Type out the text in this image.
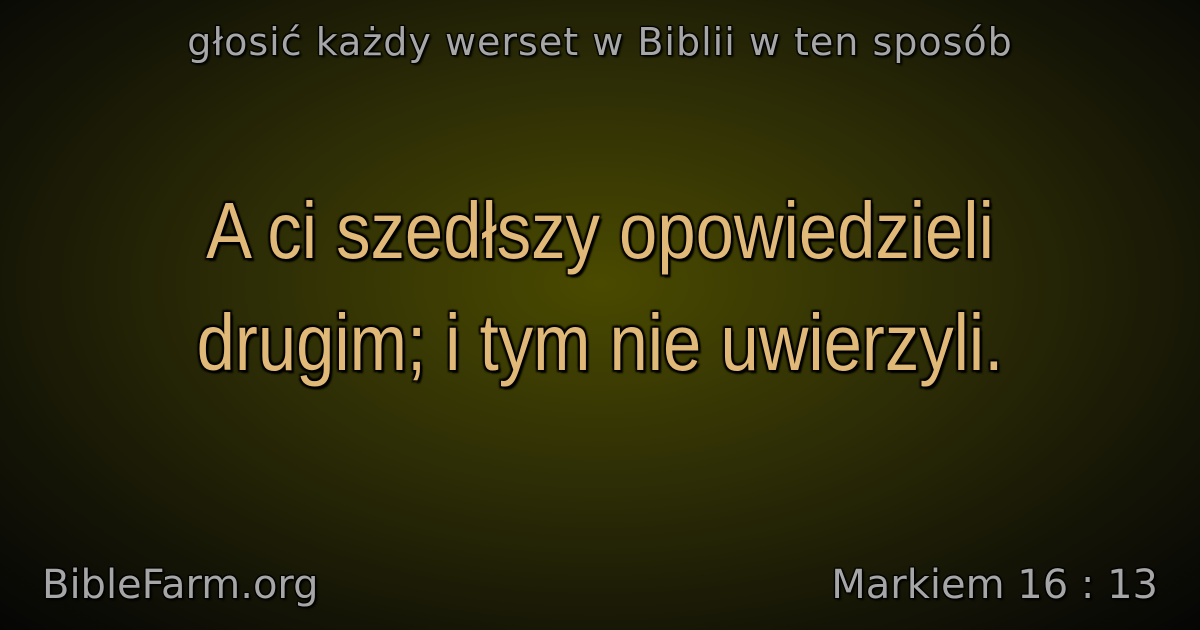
głosić każdy werset w Biblii w ten sposób
A ci szedłszy opowiedzieli
drugim; i tym nie uwierzyli.
BibleFarm.org	Markiem 16 : 13
